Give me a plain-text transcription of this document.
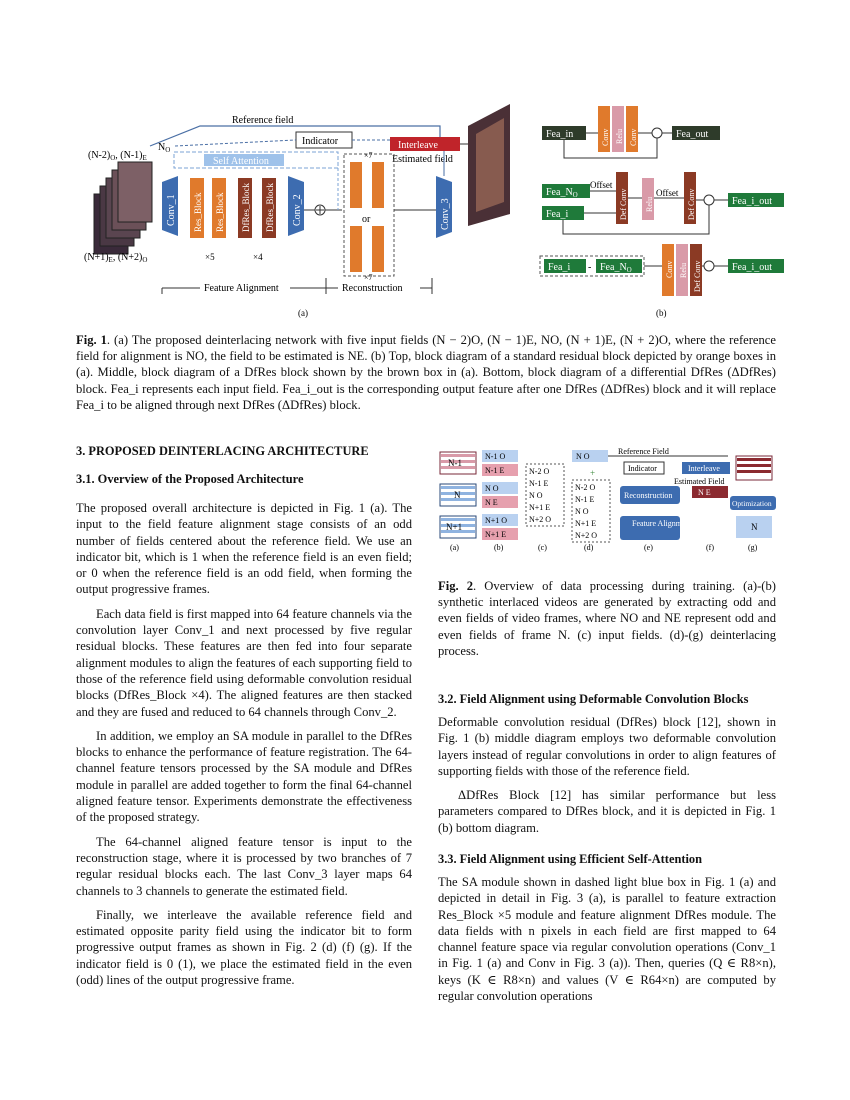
$(N-2)_O$, $(N-1)_E$
$(N+1)_E$, $(N+2)_O$
$N_O$
Reference field
Indicator	Interleave
Estimated field
Self Attention
Conv_1 Res_Block Res_Block
×5
DfRes_Block DfRes_Block
×4
Conv_2
×7
or
×7
Conv_3
Feature Alignment	Reconstruction
(a)
Fea_in	Conv Relu Conv	Fea_out
$Fea\_N_O$
Fea_i
Offset
Def Conv Relu
Offset Def Conv	Fea_i_out
Fea_i - $Fea\_N_O$	Conv Relu Def Conv	Fea_i_out
(b)
Fig. 1. (a) The proposed deinterlacing network with five input fields (N − 2)O, (N − 1)E, NO, (N + 1)E, (N + 2)O, where the reference field for alignment is NO, the field to be estimated is NE. (b) Top, block diagram of a standard residual block depicted by orange boxes in (a). Middle, block diagram of a DfRes block shown by the brown box in (a). Bottom, block diagram of a differential DfRes (ΔDfRes) block. Fea_i represents each input field. Fea_i_out is the corresponding output feature after one DfRes (ΔDfRes) block and it will replace Fea_i to be aligned through next DfRes (ΔDfRes) block.
3. PROPOSED DEINTERLACING ARCHITECTURE
3.1. Overview of the Proposed Architecture

The proposed overall architecture is depicted in Fig. 1 (a). The input to the field feature alignment stage consists of an odd number of fields centered about the reference field. We use an indicator bit, which is 1 when the reference field is an even field; or 0 when the reference field is an odd field, when forming the output progressive frames.

Each data field is first mapped into 64 feature channels via the convolution layer Conv_1 and next processed by five regular residual blocks. These features are then fed into four separate alignment modules to align the features of each supporting field to those of the reference field using deformable convolution residual blocks (DfRes_Block ×4). The aligned features are then stacked and they are fused and reduced to 64 channels through Conv_2.

In addition, we employ an SA module in parallel to the DfRes blocks to enhance the performance of feature registration. The 64-channel feature tensors processed by the SA module and DfRes module in parallel are added together to form the final 64-channel aligned feature tensor. Experiments demonstrate the effectiveness of the proposed strategy.

The 64-channel aligned feature tensor is input to the reconstruction stage, where it is processed by two branches of 7 regular residual blocks each. The last Conv_3 layer maps 64 channels to 3 channels to generate the estimated field.

Finally, we interleave the available reference field and estimated opposite parity field using the indicator bit to form progressive output frames as shown in Fig. 2 (d) (f) (g). If the indicator field is 0 (1), we place the estimated field in the even (odd) lines of the output progressive frame.

N-1
N
N+1
N-1 O
N-1 E
N O
N E
N+1 O
N+1 E
N-2 O
N-1 E
N O
N+1 E
N+2 O
N O
+
N-2 O
N-1 E
N O
N+1 E
N+2 O
Reference Field
Indicator	Interleave
Estimated Field
Reconstruction
Feature Alignment
N E
Optimization
N
(a)	(b)	(c)	(d)	(e)	(f)	(g)
Fig. 2. Overview of data processing during training. (a)-(b) synthetic interlaced videos are generated by extracting odd and even fields of video frames, where NO and NE represent odd and even fields of frame N. (c) input fields. (d)-(g) deinterlacing process.
3.2. Field Alignment using Deformable Convolution Blocks

Deformable convolution residual (DfRes) block [12], shown in Fig. 1 (b) middle diagram employs two deformable convolution layers instead of regular convolutions in order to align features of supporting fields with those of the reference field.

ΔDfRes Block [12] has similar performance but less parameters compared to DfRes block, and it is depicted in Fig. 1 (b) bottom diagram.

3.3. Field Alignment using Efficient Self-Attention

The SA module shown in dashed light blue box in Fig. 1 (a) and depicted in detail in Fig. 3 (a), is parallel to feature extraction Res_Block ×5 module and feature alignment DfRes module. The data fields with n pixels in each field are first mapped to 64 channel feature space via regular convolution operations (Conv_1 in Fig. 1 (a) and Conv in Fig. 3 (a)). Then, queries (Q ∈ R8×n), keys (K ∈ R8×n) and values (V ∈ R64×n) are computed by regular convolution operations
